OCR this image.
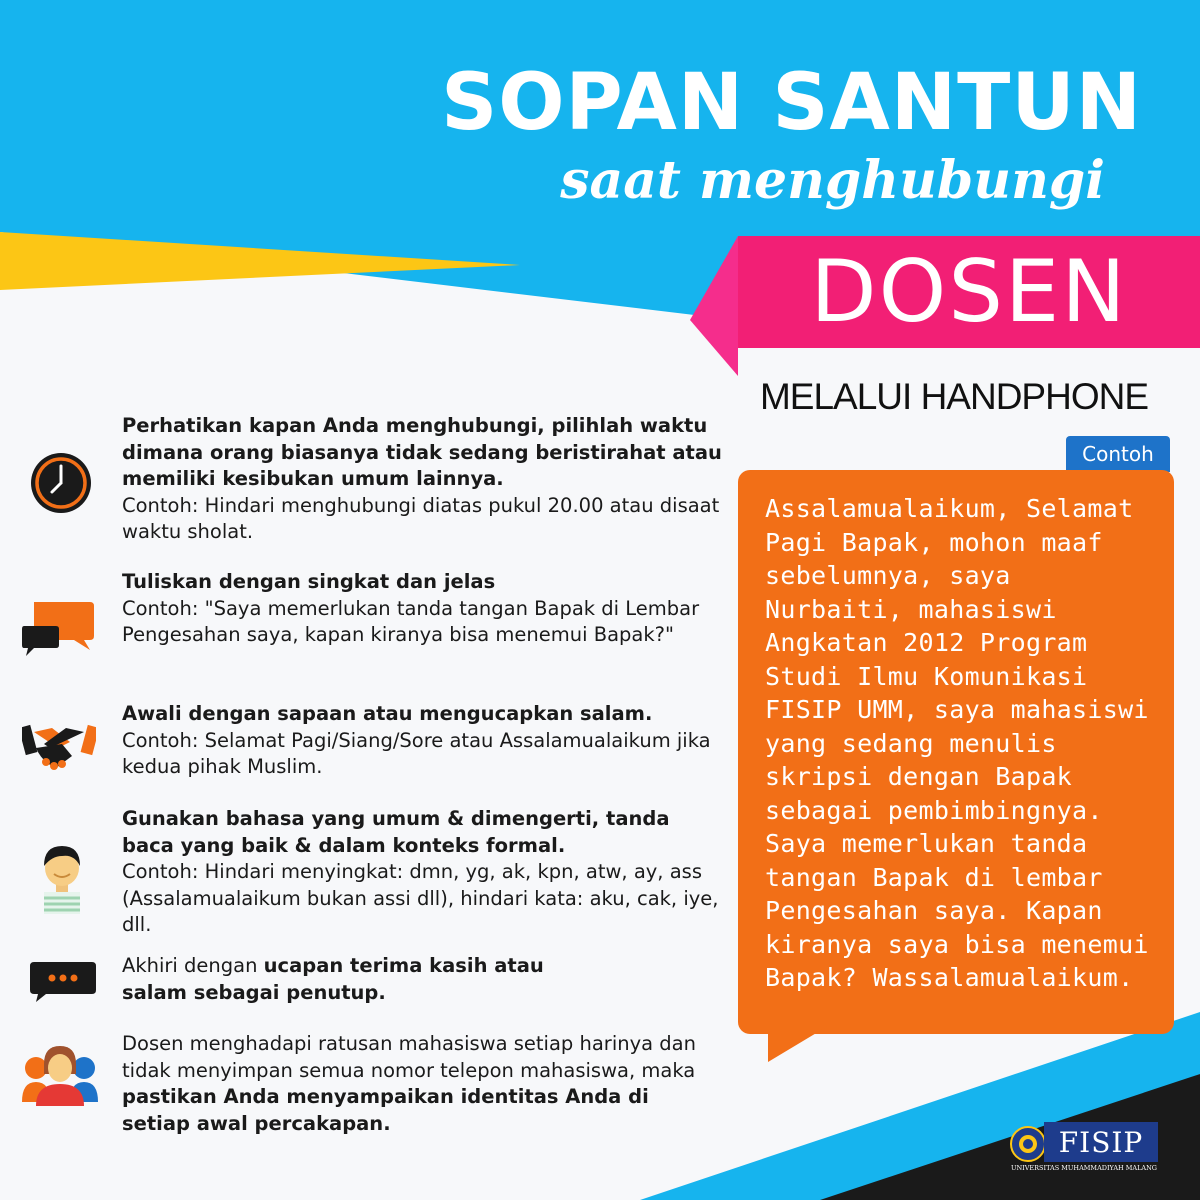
SOPAN SANTUN
saat menghubungi
DOSEN
MELALUI HANDPHONE
Contoh
Assalamualaikum, Selamat Pagi Bapak, mohon maaf sebelumnya, saya Nurbaiti, mahasiswi Angkatan 2012 Program Studi Ilmu Komunikasi FISIP UMM, saya mahasiswi yang sedang menulis skripsi dengan Bapak sebagai pembimbingnya. Saya memerlukan tanda tangan Bapak di lembar Pengesahan saya. Kapan kiranya saya bisa menemui Bapak? Wassalamualaikum.
Perhatikan kapan Anda menghubungi, pilihlah waktu dimana orang biasanya tidak sedang beristirahat atau memiliki kesibukan umum lainnya.
Contoh: Hindari menghubungi diatas pukul 20.00 atau disaat waktu sholat.
Tuliskan dengan singkat dan jelas
Contoh: "Saya memerlukan tanda tangan Bapak di Lembar Pengesahan saya, kapan kiranya bisa menemui Bapak?"
Awali dengan sapaan atau mengucapkan salam.
Contoh: Selamat Pagi/Siang/Sore atau Assalamualaikum jika kedua pihak Muslim.
Gunakan bahasa yang umum & dimengerti, tanda baca yang baik & dalam konteks formal.
Contoh: Hindari menyingkat: dmn, yg, ak, kpn, atw, ay, ass (Assalamualaikum bukan assi dll), hindari kata: aku, cak, iye, dll.
Akhiri dengan ucapan terima kasih atau salam sebagai penutup.
Dosen menghadapi ratusan mahasiswa setiap harinya dan tidak menyimpan semua nomor telepon mahasiswa, maka pastikan Anda menyampaikan identitas Anda di setiap awal percakapan.
FISIP
UNIVERSITAS MUHAMMADIYAH MALANG
